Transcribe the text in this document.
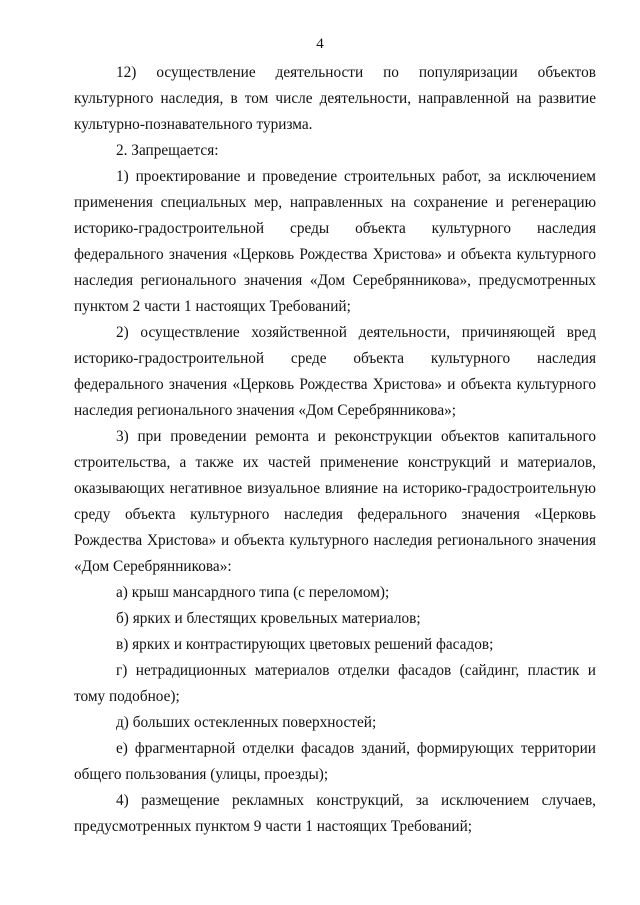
4

12) осуществление деятельности по популяризации объектов культурного наследия, в том числе деятельности, направленной на развитие культурно-познавательного туризма.

2. Запрещается:

1) проектирование и проведение строительных работ, за исключением применения специальных мер, направленных на сохранение и регенерацию историко-градостроительной среды объекта культурного наследия федерального значения «Церковь Рождества Христова» и объекта культурного наследия регионального значения «Дом Серебрянникова», предусмотренных пунктом 2 части 1 настоящих Требований;

2) осуществление хозяйственной деятельности, причиняющей вред историко-градостроительной среде объекта культурного наследия федерального значения «Церковь Рождества Христова» и объекта культурного наследия регионального значения «Дом Серебрянникова»;

3) при проведении ремонта и реконструкции объектов капитального строительства, а также их частей применение конструкций и материалов, оказывающих негативное визуальное влияние на историко-градостроительную среду объекта культурного наследия федерального значения «Церковь Рождества Христова» и объекта культурного наследия регионального значения «Дом Серебрянникова»:

а) крыш мансардного типа (с переломом);

б) ярких и блестящих кровельных материалов;

в) ярких и контрастирующих цветовых решений фасадов;

г) нетрадиционных материалов отделки фасадов (сайдинг, пластик и тому подобное);

д) больших остекленных поверхностей;

е) фрагментарной отделки фасадов зданий, формирующих территории общего пользования (улицы, проезды);

4) размещение рекламных конструкций, за исключением случаев, предусмотренных пунктом 9 части 1 настоящих Требований;
